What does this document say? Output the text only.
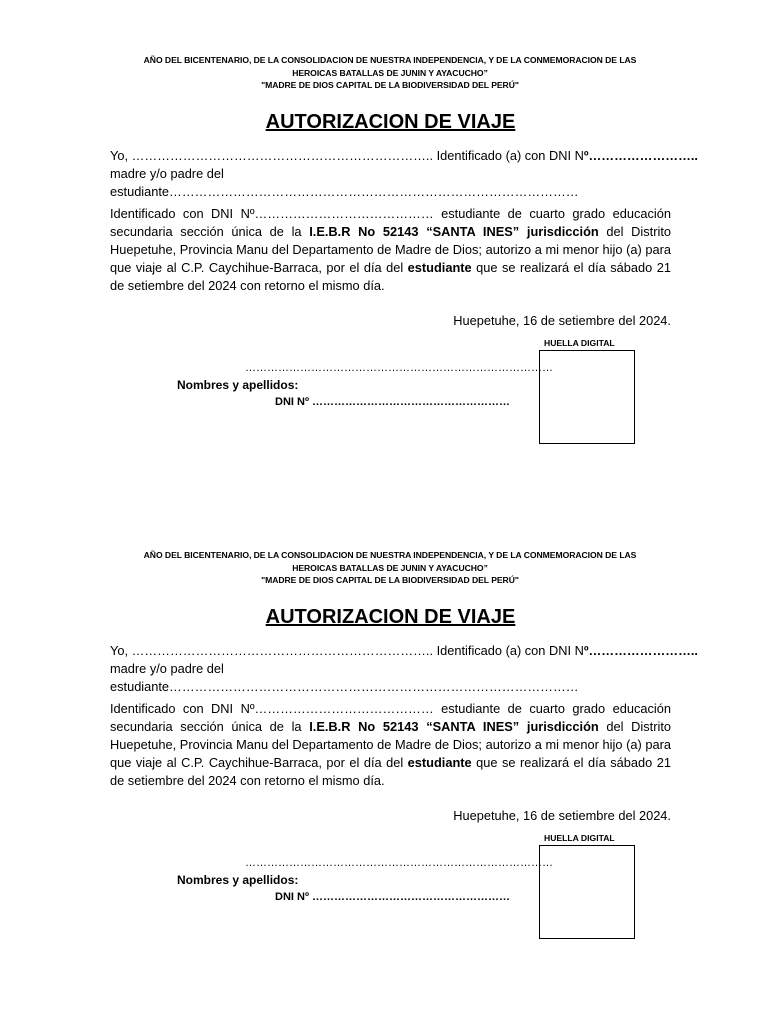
AÑO DEL BICENTENARIO, DE LA CONSOLIDACION DE NUESTRA INDEPENDENCIA, Y DE LA CONMEMORACION DE LAS
HEROICAS BATALLAS DE JUNIN Y AYACUCHO”
"MADRE DE DIOS CAPITAL DE LA BIODIVERSIDAD DEL PERÚ"
AUTORIZACION DE VIAJE

Yo, …………………………………………………………….. Identificado (a) con DNI N º……………………..

madre y/o padre del estudiante……………………………………………………………………………………

Identificado con DNI Nº…………………………………… estudiante de cuarto grado educación secundaria sección única de la I.E.B.R No 52143 “SANTA INES” jurisdicción del Distrito Huepetuhe, Provincia Manu del Departamento de Madre de Dios; autorizo a mi menor hijo (a) para que viaje al C.P. Caychihue-Barraca, por el día del estudiante que se realizará el día sábado 21 de setiembre del 2024 con retorno el mismo día.

Huepetuhe, 16 de setiembre del 2024.

HUELLA DIGITAL
…………………………………………………………………………
Nombres y apellidos:
DNI Nº ………………………………………………
AÑO DEL BICENTENARIO, DE LA CONSOLIDACION DE NUESTRA INDEPENDENCIA, Y DE LA CONMEMORACION DE LAS
HEROICAS BATALLAS DE JUNIN Y AYACUCHO”
"MADRE DE DIOS CAPITAL DE LA BIODIVERSIDAD DEL PERÚ"
AUTORIZACION DE VIAJE

Yo, …………………………………………………………….. Identificado (a) con DNI N º……………………..

madre y/o padre del estudiante……………………………………………………………………………………

Identificado con DNI Nº…………………………………… estudiante de cuarto grado educación secundaria sección única de la I.E.B.R No 52143 “SANTA INES” jurisdicción del Distrito Huepetuhe, Provincia Manu del Departamento de Madre de Dios; autorizo a mi menor hijo (a) para que viaje al C.P. Caychihue-Barraca, por el día del estudiante que se realizará el día sábado 21 de setiembre del 2024 con retorno el mismo día.

Huepetuhe, 16 de setiembre del 2024.

HUELLA DIGITAL
…………………………………………………………………………
Nombres y apellidos:
DNI Nº ………………………………………………
